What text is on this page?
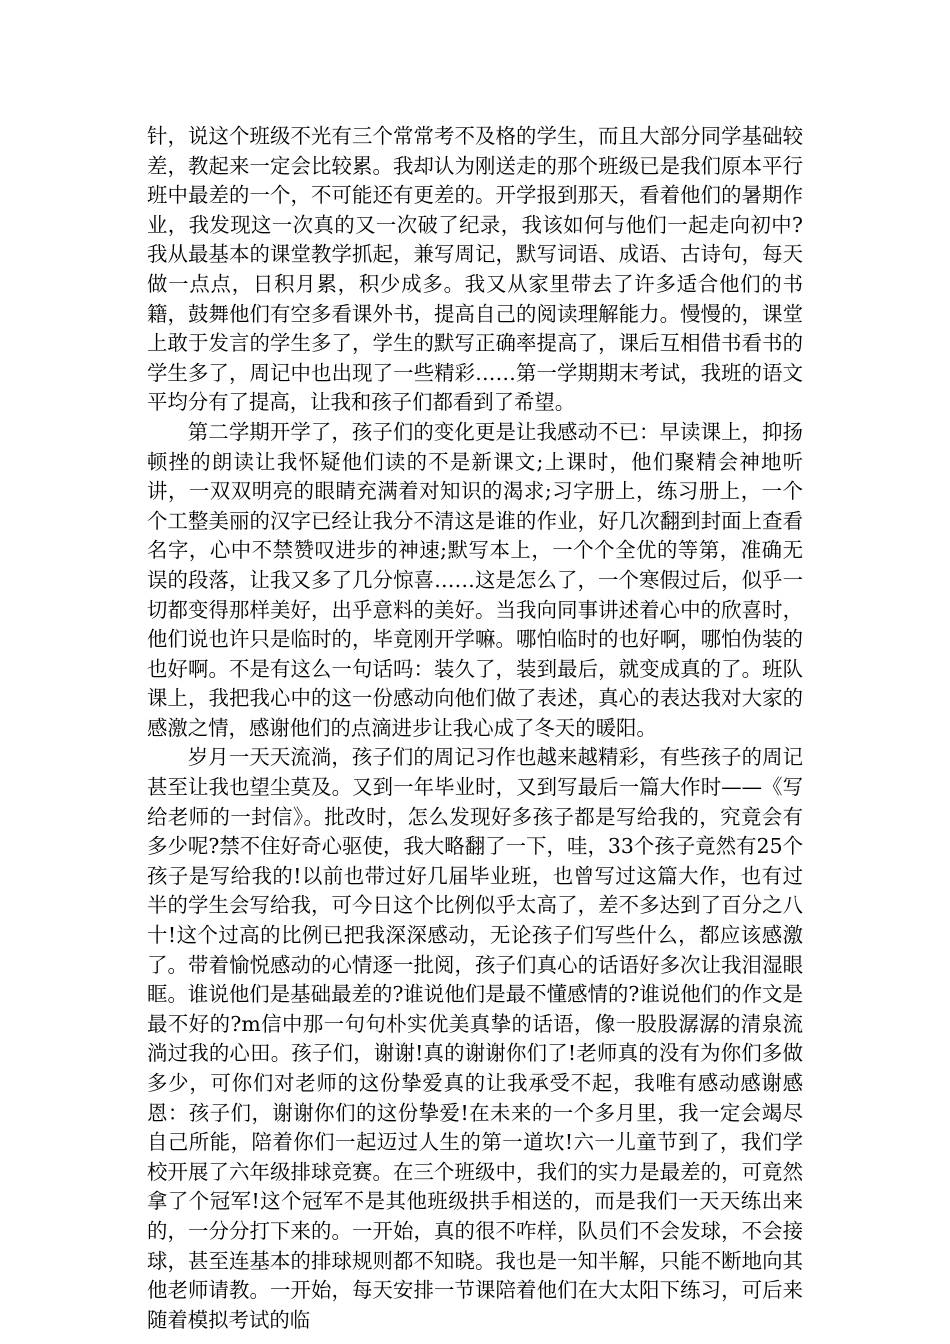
针，说这个班级不光有三个常常考不及格的学生，而且大部分同学基础较差，教起来一定会比较累。我却认为刚送走的那个班级已是我们原本平行班中最差的一个，不可能还有更差的。开学报到那天，看着他们的暑期作业，我发现这一次真的又一次破了纪录，我该如何与他们一起走向初中?我从最基本的课堂教学抓起，兼写周记，默写词语、成语、古诗句，每天做一点点，日积月累，积少成多。我又从家里带去了许多适合他们的书籍，鼓舞他们有空多看课外书，提高自己的阅读理解能力。慢慢的，课堂上敢于发言的学生多了，学生的默写正确率提高了，课后互相借书看书的学生多了，周记中也出现了一些精彩……第一学期期末考试，我班的语文平均分有了提高，让我和孩子们都看到了希望。

第二学期开学了，孩子们的变化更是让我感动不已：早读课上，抑扬顿挫的朗读让我怀疑他们读的不是新课文;上课时，他们聚精会神地听讲，一双双明亮的眼睛充满着对知识的渴求;习字册上，练习册上，一个个工整美丽的汉字已经让我分不清这是谁的作业，好几次翻到封面上查看名字，心中不禁赞叹进步的神速;默写本上，一个个全优的等第，准确无误的段落，让我又多了几分惊喜……这是怎么了，一个寒假过后，似乎一切都变得那样美好，出乎意料的美好。当我向同事讲述着心中的欣喜时，他们说也许只是临时的，毕竟刚开学嘛。哪怕临时的也好啊，哪怕伪装的也好啊。不是有这么一句话吗：装久了，装到最后，就变成真的了。班队课上，我把我心中的这一份感动向他们做了表述，真心的表达我对大家的感激之情，感谢他们的点滴进步让我心成了冬天的暖阳。

岁月一天天流淌，孩子们的周记习作也越来越精彩，有些孩子的周记甚至让我也望尘莫及。又到一年毕业时，又到写最后一篇大作时——《写给老师的一封信》。批改时，怎么发现好多孩子都是写给我的，究竟会有多少呢?禁不住好奇心驱使，我大略翻了一下，哇，33个孩子竟然有25个孩子是写给我的!以前也带过好几届毕业班，也曾写过这篇大作，也有过半的学生会写给我，可今日这个比例似乎太高了，差不多达到了百分之八十!这个过高的比例已把我深深感动，无论孩子们写些什么，都应该感激了。带着愉悦感动的心情逐一批阅，孩子们真心的话语好多次让我泪湿眼眶。谁说他们是基础最差的?谁说他们是最不懂感情的?谁说他们的作文是最不好的?m信中那一句句朴实优美真挚的话语，像一股股潺潺的清泉流淌过我的心田。孩子们，谢谢!真的谢谢你们了!老师真的没有为你们多做多少，可你们对老师的这份挚爱真的让我承受不起，我唯有感动感谢感恩：孩子们，谢谢你们的这份挚爱!在未来的一个多月里，我一定会竭尽自己所能，陪着你们一起迈过人生的第一道坎!六一儿童节到了，我们学校开展了六年级排球竞赛。在三个班级中，我们的实力是最差的，可竟然拿了个冠军!这个冠军不是其他班级拱手相送的，而是我们一天天练出来的，一分分打下来的。一开始，真的很不咋样，队员们不会发球，不会接球，甚至连基本的排球规则都不知晓。我也是一知半解，只能不断地向其他老师请教。一开始，每天安排一节课陪着他们在大太阳下练习，可后来随着模拟考试的临
